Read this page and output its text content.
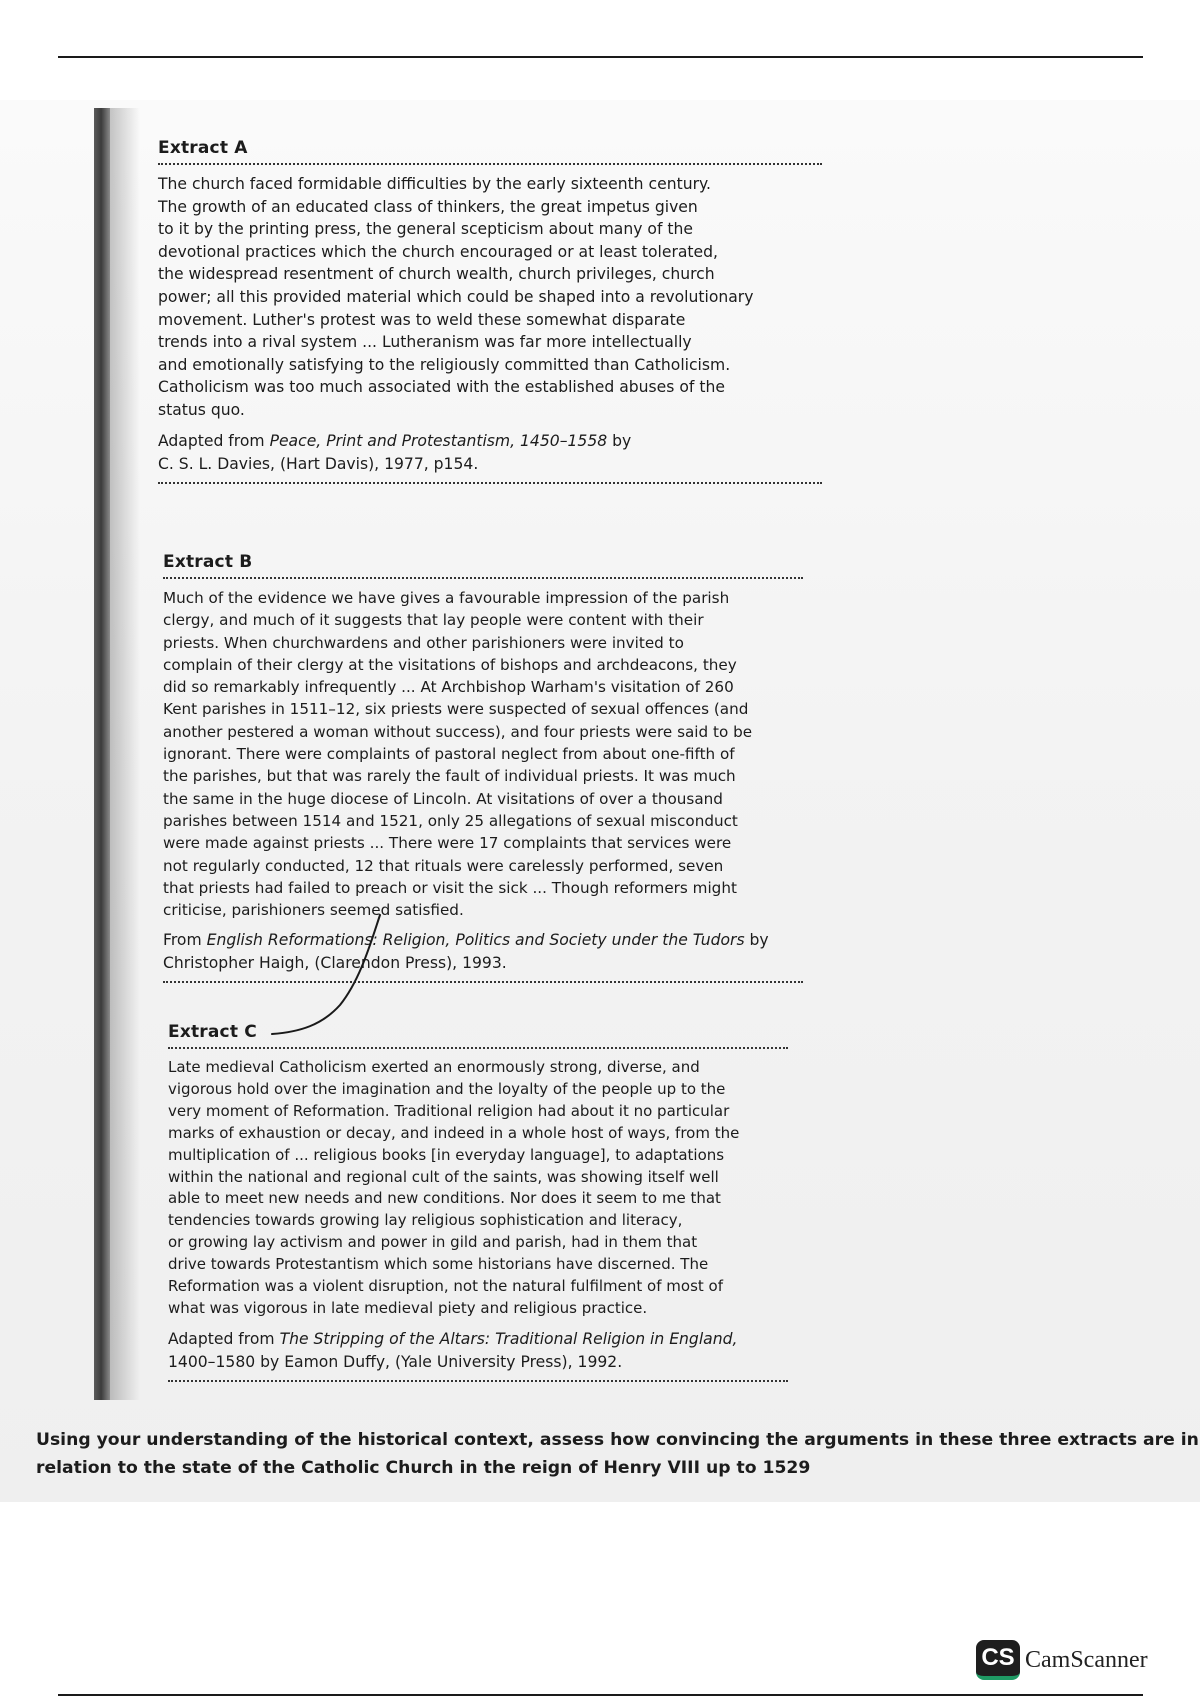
Extract A

The church faced formidable difficulties by the early sixteenth century.

The growth of an educated class of thinkers, the great impetus given

to it by the printing press, the general scepticism about many of the

devotional practices which the church encouraged or at least tolerated,

the widespread resentment of church wealth, church privileges, church

power; all this provided material which could be shaped into a revolutionary

movement. Luther's protest was to weld these somewhat disparate

trends into a rival system ... Lutheranism was far more intellectually

and emotionally satisfying to the religiously committed than Catholicism.

Catholicism was too much associated with the established abuses of the

status quo.

Adapted from Peace, Print and Protestantism, 1450–1558 by

C. S. L. Davies, (Hart Davis), 1977, p154.

Extract B

Much of the evidence we have gives a favourable impression of the parish

clergy, and much of it suggests that lay people were content with their

priests. When churchwardens and other parishioners were invited to

complain of their clergy at the visitations of bishops and archdeacons, they

did so remarkably infrequently ... At Archbishop Warham's visitation of 260

Kent parishes in 1511–12, six priests were suspected of sexual offences (and

another pestered a woman without success), and four priests were said to be

ignorant. There were complaints of pastoral neglect from about one-fifth of

the parishes, but that was rarely the fault of individual priests. It was much

the same in the huge diocese of Lincoln. At visitations of over a thousand

parishes between 1514 and 1521, only 25 allegations of sexual misconduct

were made against priests ... There were 17 complaints that services were

not regularly conducted, 12 that rituals were carelessly performed, seven

that priests had failed to preach or visit the sick ... Though reformers might

criticise, parishioners seemed satisfied.

From English Reformations: Religion, Politics and Society under the Tudors by

Christopher Haigh, (Clarendon Press), 1993.

Extract C

Late medieval Catholicism exerted an enormously strong, diverse, and

vigorous hold over the imagination and the loyalty of the people up to the

very moment of Reformation. Traditional religion had about it no particular

marks of exhaustion or decay, and indeed in a whole host of ways, from the

multiplication of ... religious books [in everyday language], to adaptations

within the national and regional cult of the saints, was showing itself well

able to meet new needs and new conditions. Nor does it seem to me that

tendencies towards growing lay religious sophistication and literacy,

or growing lay activism and power in gild and parish, had in them that

drive towards Protestantism which some historians have discerned. The

Reformation was a violent disruption, not the natural fulfilment of most of

what was vigorous in late medieval piety and religious practice.

Adapted from The Stripping of the Altars: Traditional Religion in England,

1400–1580 by Eamon Duffy, (Yale University Press), 1992.

Using your understanding of the historical context, assess how convincing the arguments in these three extracts are in

relation to the state of the Catholic Church in the reign of Henry VIII up to 1529

CS CamScanner
